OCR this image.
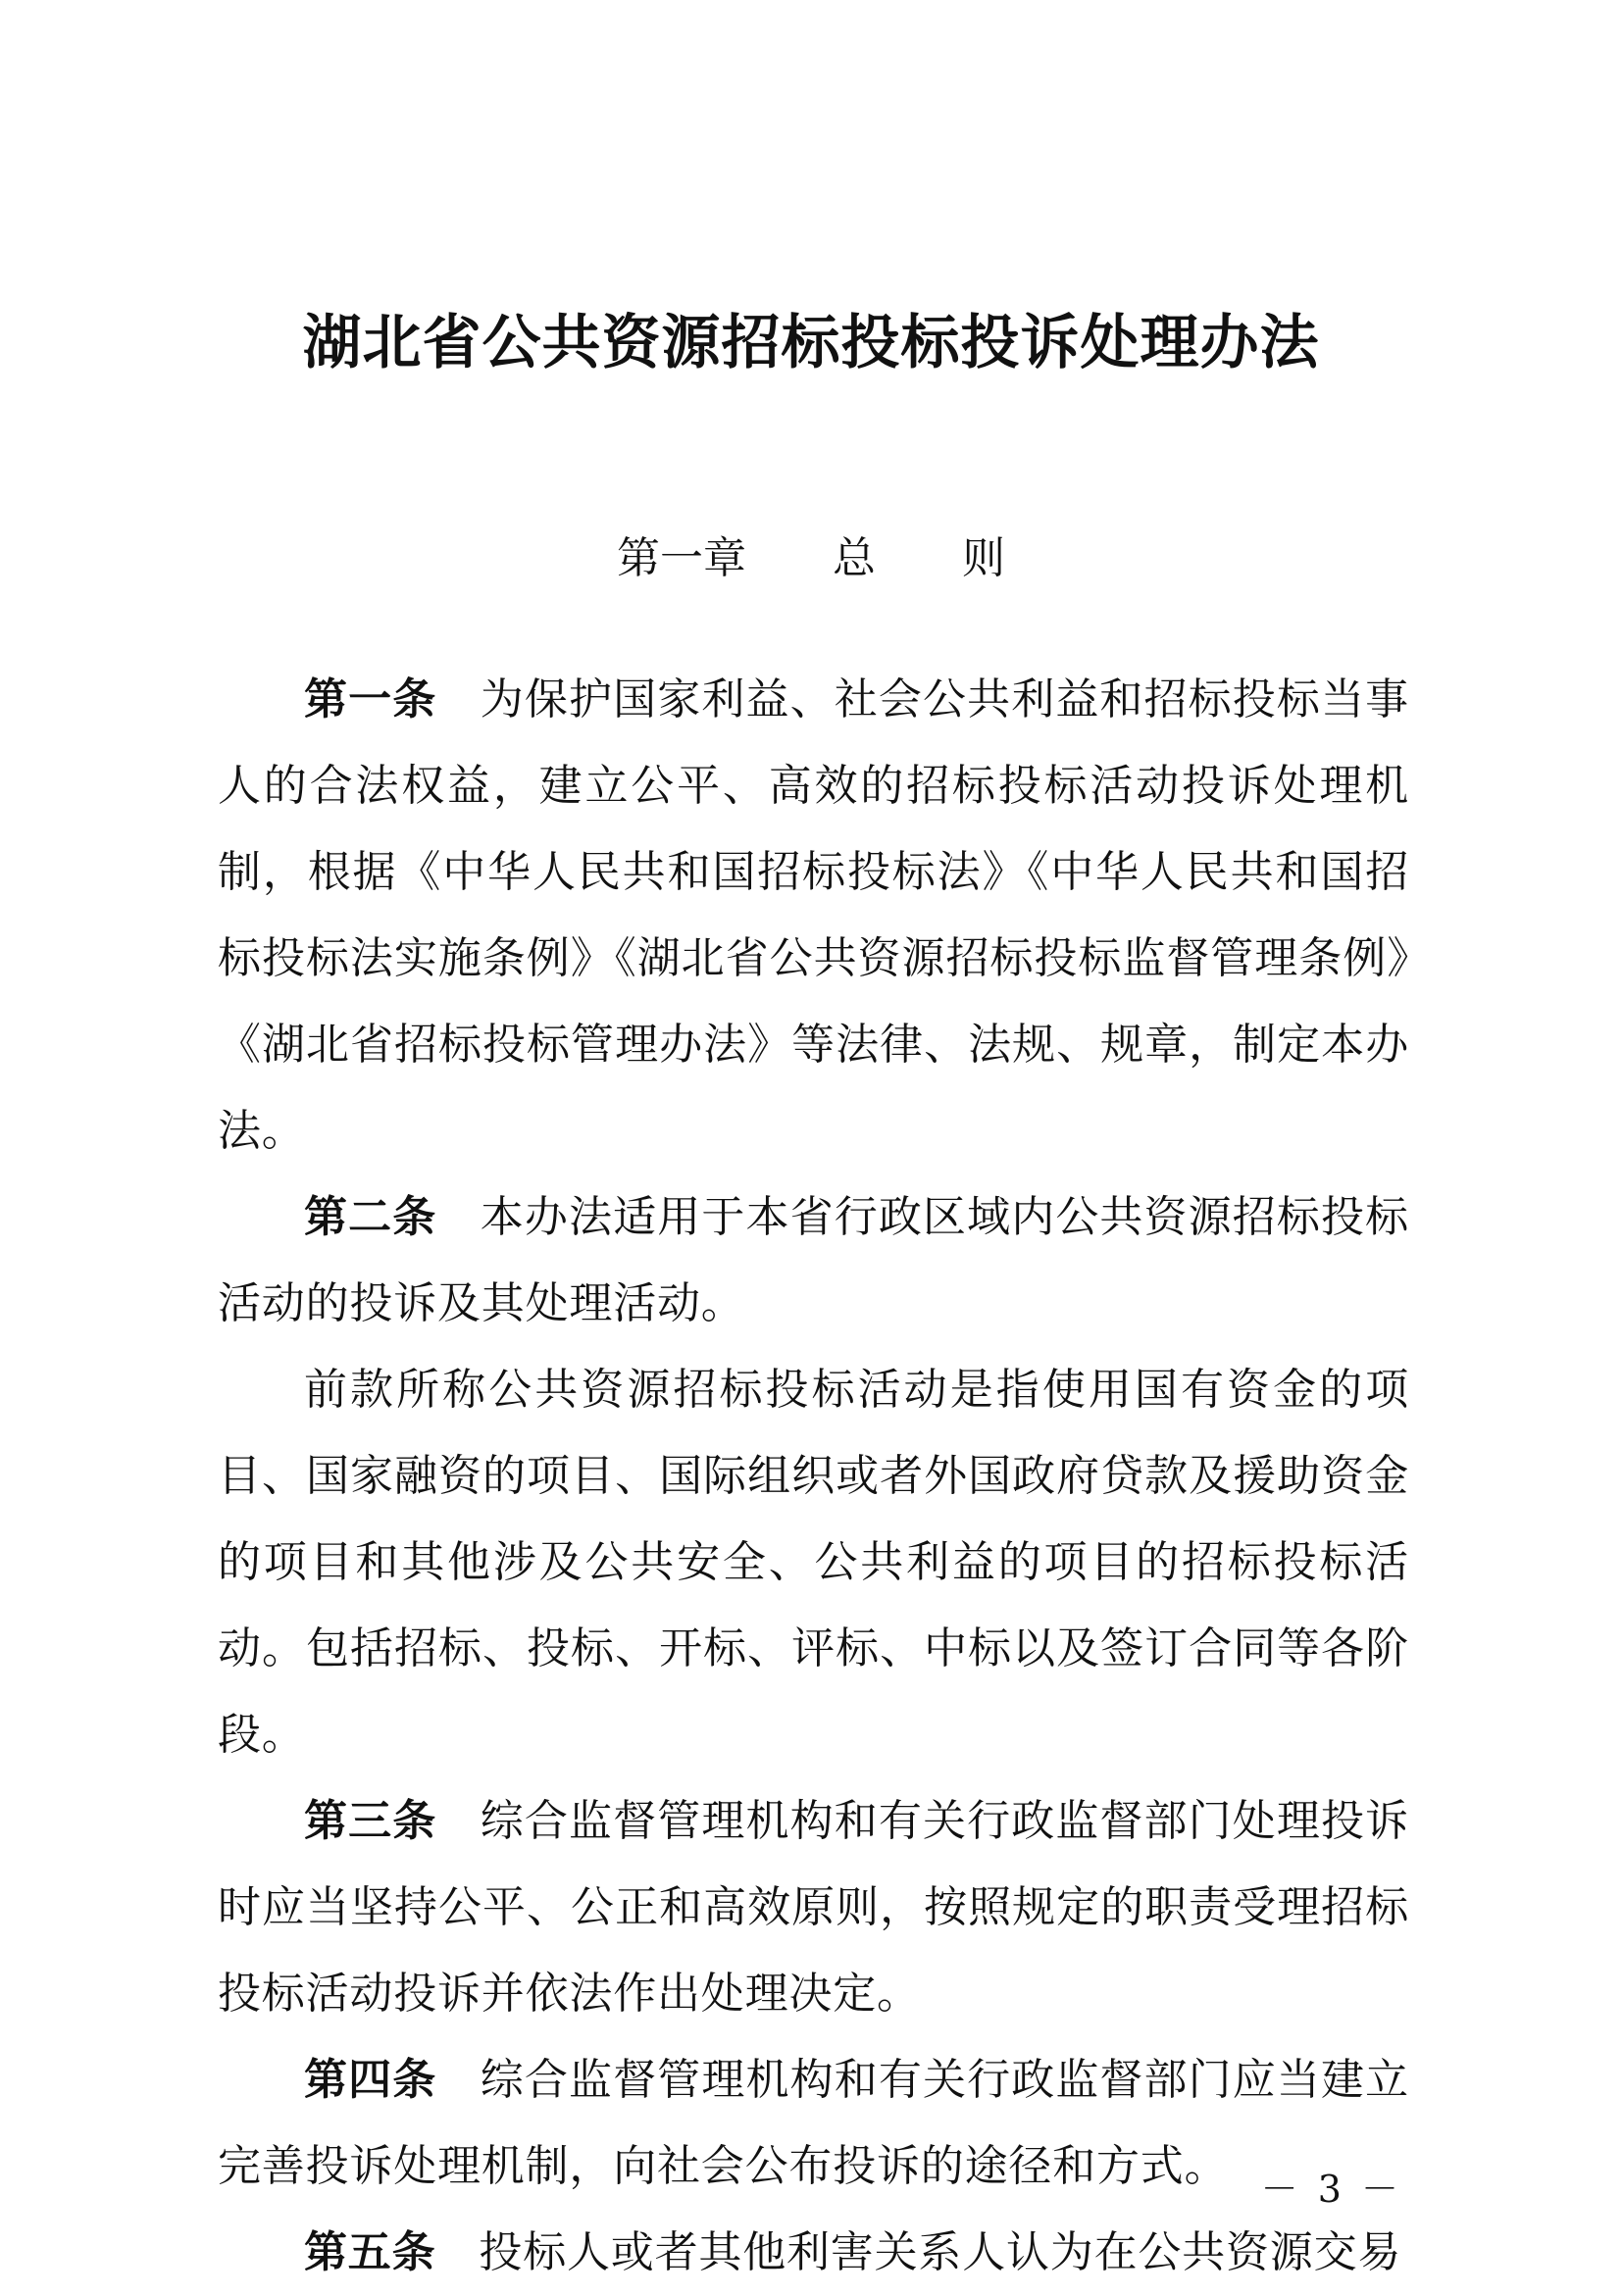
湖北省公共资源招标投标投诉处理办法
第一章 总 则

第一条 为保护国家利益、社会公共利益和招标投标当事人的合法权益，建立公平、高效的招标投标活动投诉处理机制，根据《中华人民共和国招标投标法》《中华人民共和国招标投标法实施条例》《湖北省公共资源招标投标监督管理条例》《湖北省招标投标管理办法》等法律、法规、规章，制定本办法。

第二条 本办法适用于本省行政区域内公共资源招标投标活动的投诉及其处理活动。

前款所称公共资源招标投标活动是指使用国有资金的项目、国家融资的项目、国际组织或者外国政府贷款及援助资金的项目和其他涉及公共安全、公共利益的项目的招标投标活动。包括招标、投标、开标、评标、中标以及签订合同等各阶段。

第三条 综合监督管理机构和有关行政监督部门处理投诉时应当坚持公平、公正和高效原则，按照规定的职责受理招标投标活动投诉并依法作出处理决定。

第四条 综合监督管理机构和有关行政监督部门应当建立完善投诉处理机制，向社会公布投诉的途径和方式。

第五条 投标人或者其他利害关系人认为在公共资源交易

－ 3 －
